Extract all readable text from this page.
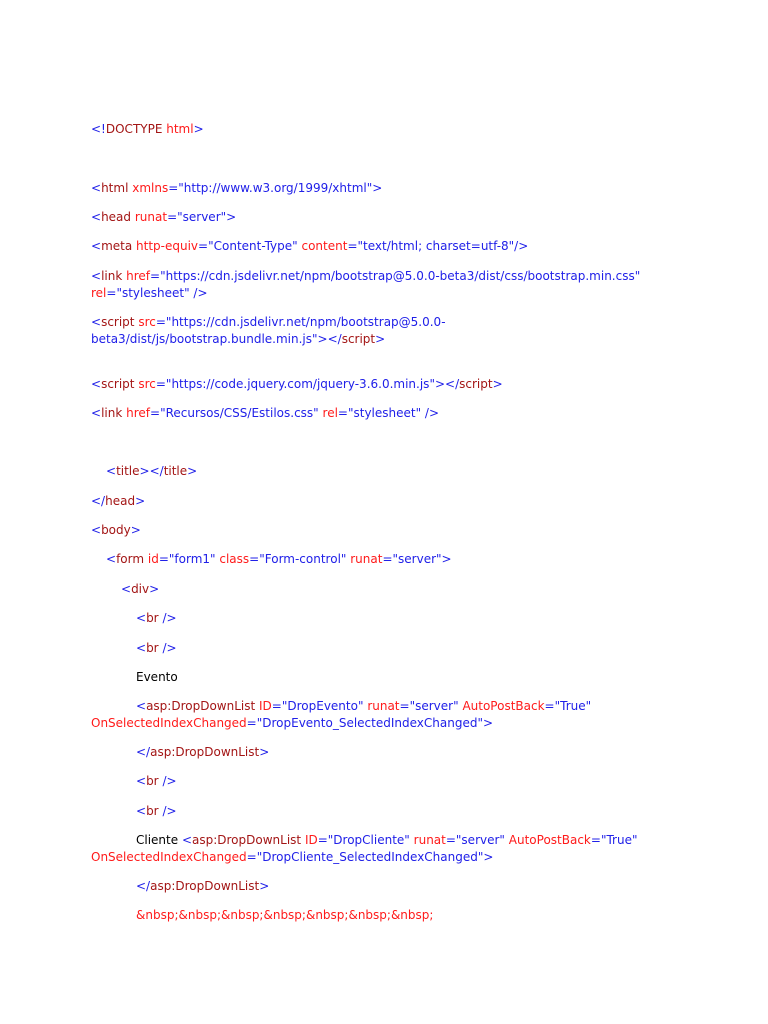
<!DOCTYPE html>
<html xmlns="http://www.w3.org/1999/xhtml">
<head runat="server">
<meta http-equiv="Content-Type" content="text/html; charset=utf-8"/>
<link href="https://cdn.jsdelivr.net/npm/bootstrap@5.0.0-beta3/dist/css/bootstrap.min.css" rel="stylesheet" />
<script src="https://cdn.jsdelivr.net/npm/bootstrap@5.0.0-beta3/dist/js/bootstrap.bundle.min.js"></script>
<script src="https://code.jquery.com/jquery-3.6.0.min.js"></script>
<link href="Recursos/CSS/Estilos.css" rel="stylesheet" />
<title></title>
</head>
<body>
<form id="form1" class="Form-control" runat="server">
<div>
<br />
<br />
Evento
<asp:DropDownList ID="DropEvento" runat="server" AutoPostBack="True" OnSelectedIndexChanged="DropEvento_SelectedIndexChanged">
</asp:DropDownList>
<br />
<br />
Cliente <asp:DropDownList ID="DropCliente" runat="server" AutoPostBack="True" OnSelectedIndexChanged="DropCliente_SelectedIndexChanged">
</asp:DropDownList>
&nbsp;&nbsp;&nbsp;&nbsp;&nbsp;&nbsp;&nbsp;
